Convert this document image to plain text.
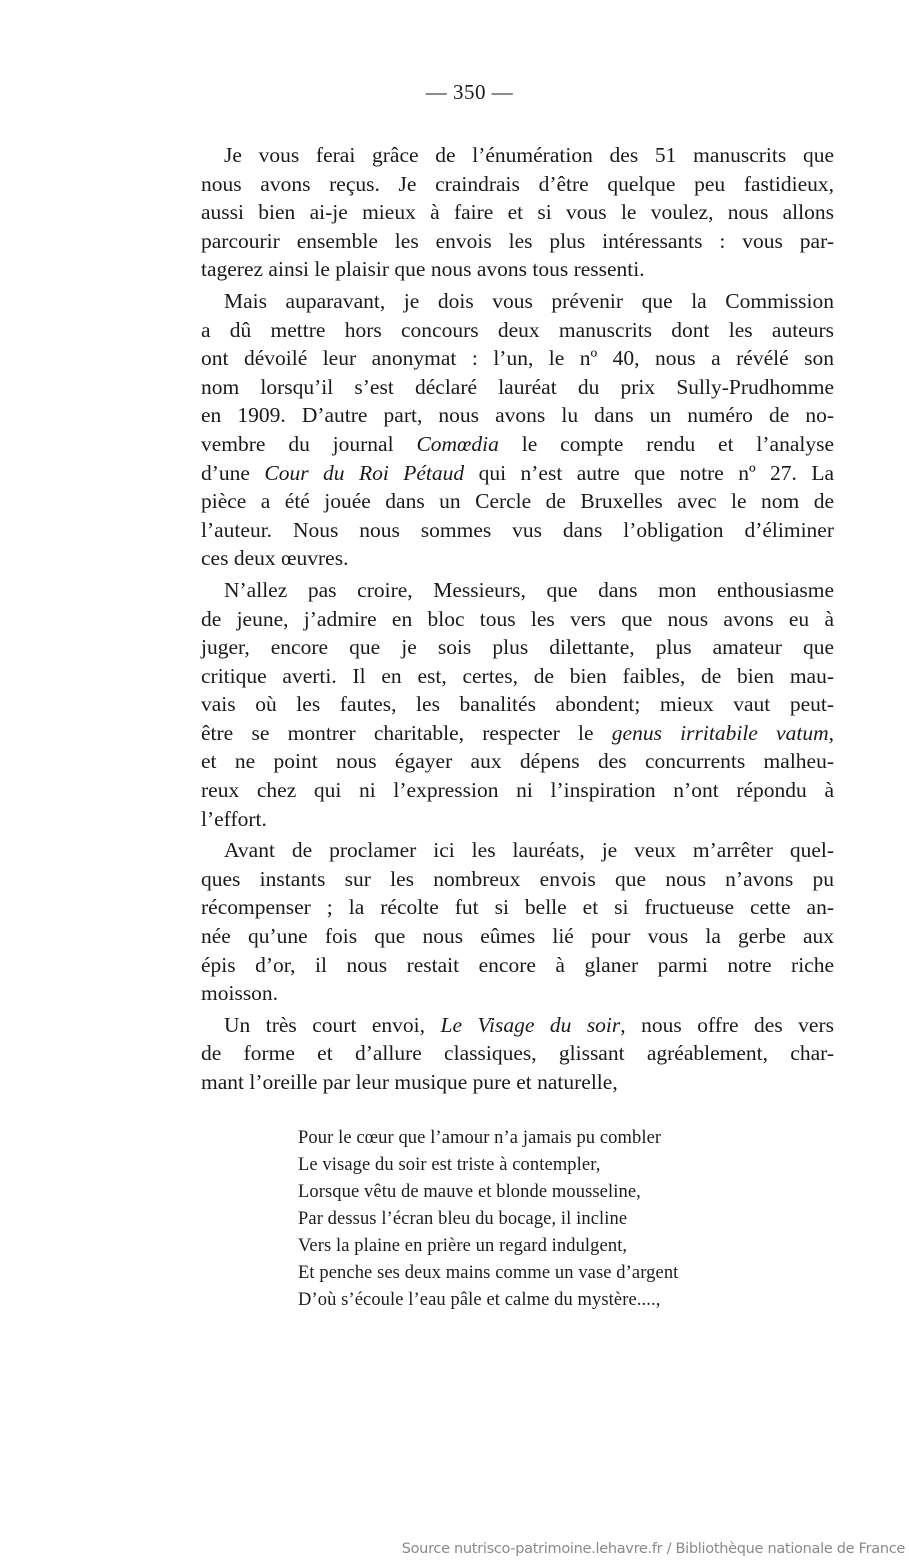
— 350 —
Je vous ferai grâce de l’énumération des 51 manuscrits que
nous avons reçus. Je craindrais d’être quelque peu fastidieux,
aussi bien ai-je mieux à faire et si vous le voulez, nous allons
parcourir ensemble les envois les plus intéressants : vous par-
tagerez ainsi le plaisir que nous avons tous ressenti.
Mais auparavant, je dois vous prévenir que la Commission
a dû mettre hors concours deux manuscrits dont les auteurs
ont dévoilé leur anonymat : l’un, le nº 40, nous a révélé son
nom lorsqu’il s’est déclaré lauréat du prix Sully-Prudhomme
en 1909. D’autre part, nous avons lu dans un numéro de no-
vembre du journal Comœdia le compte rendu et l’analyse
d’une Cour du Roi Pétaud qui n’est autre que notre nº 27. La
pièce a été jouée dans un Cercle de Bruxelles avec le nom de
l’auteur. Nous nous sommes vus dans l’obligation d’éliminer
ces deux œuvres.
N’allez pas croire, Messieurs, que dans mon enthousiasme
de jeune, j’admire en bloc tous les vers que nous avons eu à
juger, encore que je sois plus dilettante, plus amateur que
critique averti. Il en est, certes, de bien faibles, de bien mau-
vais où les fautes, les banalités abondent; mieux vaut peut-
être se montrer charitable, respecter le genus irritabile vatum,
et ne point nous égayer aux dépens des concurrents malheu-
reux chez qui ni l’expression ni l’inspiration n’ont répondu à
l’effort.
Avant de proclamer ici les lauréats, je veux m’arrêter quel-
ques instants sur les nombreux envois que nous n’avons pu
récompenser ; la récolte fut si belle et si fructueuse cette an-
née qu’une fois que nous eûmes lié pour vous la gerbe aux
épis d’or, il nous restait encore à glaner parmi notre riche
moisson.
Un très court envoi, Le Visage du soir, nous offre des vers
de forme et d’allure classiques, glissant agréablement, char-
mant l’oreille par leur musique pure et naturelle,
Pour le cœur que l’amour n’a jamais pu combler
Le visage du soir est triste à contempler,
Lorsque vêtu de mauve et blonde mousseline,
Par dessus l’écran bleu du bocage, il incline
Vers la plaine en prière un regard indulgent,
Et penche ses deux mains comme un vase d’argent
D’où s’écoule l’eau pâle et calme du mystère....,
Source nutrisco-patrimoine.lehavre.fr / Bibliothèque nationale de France
